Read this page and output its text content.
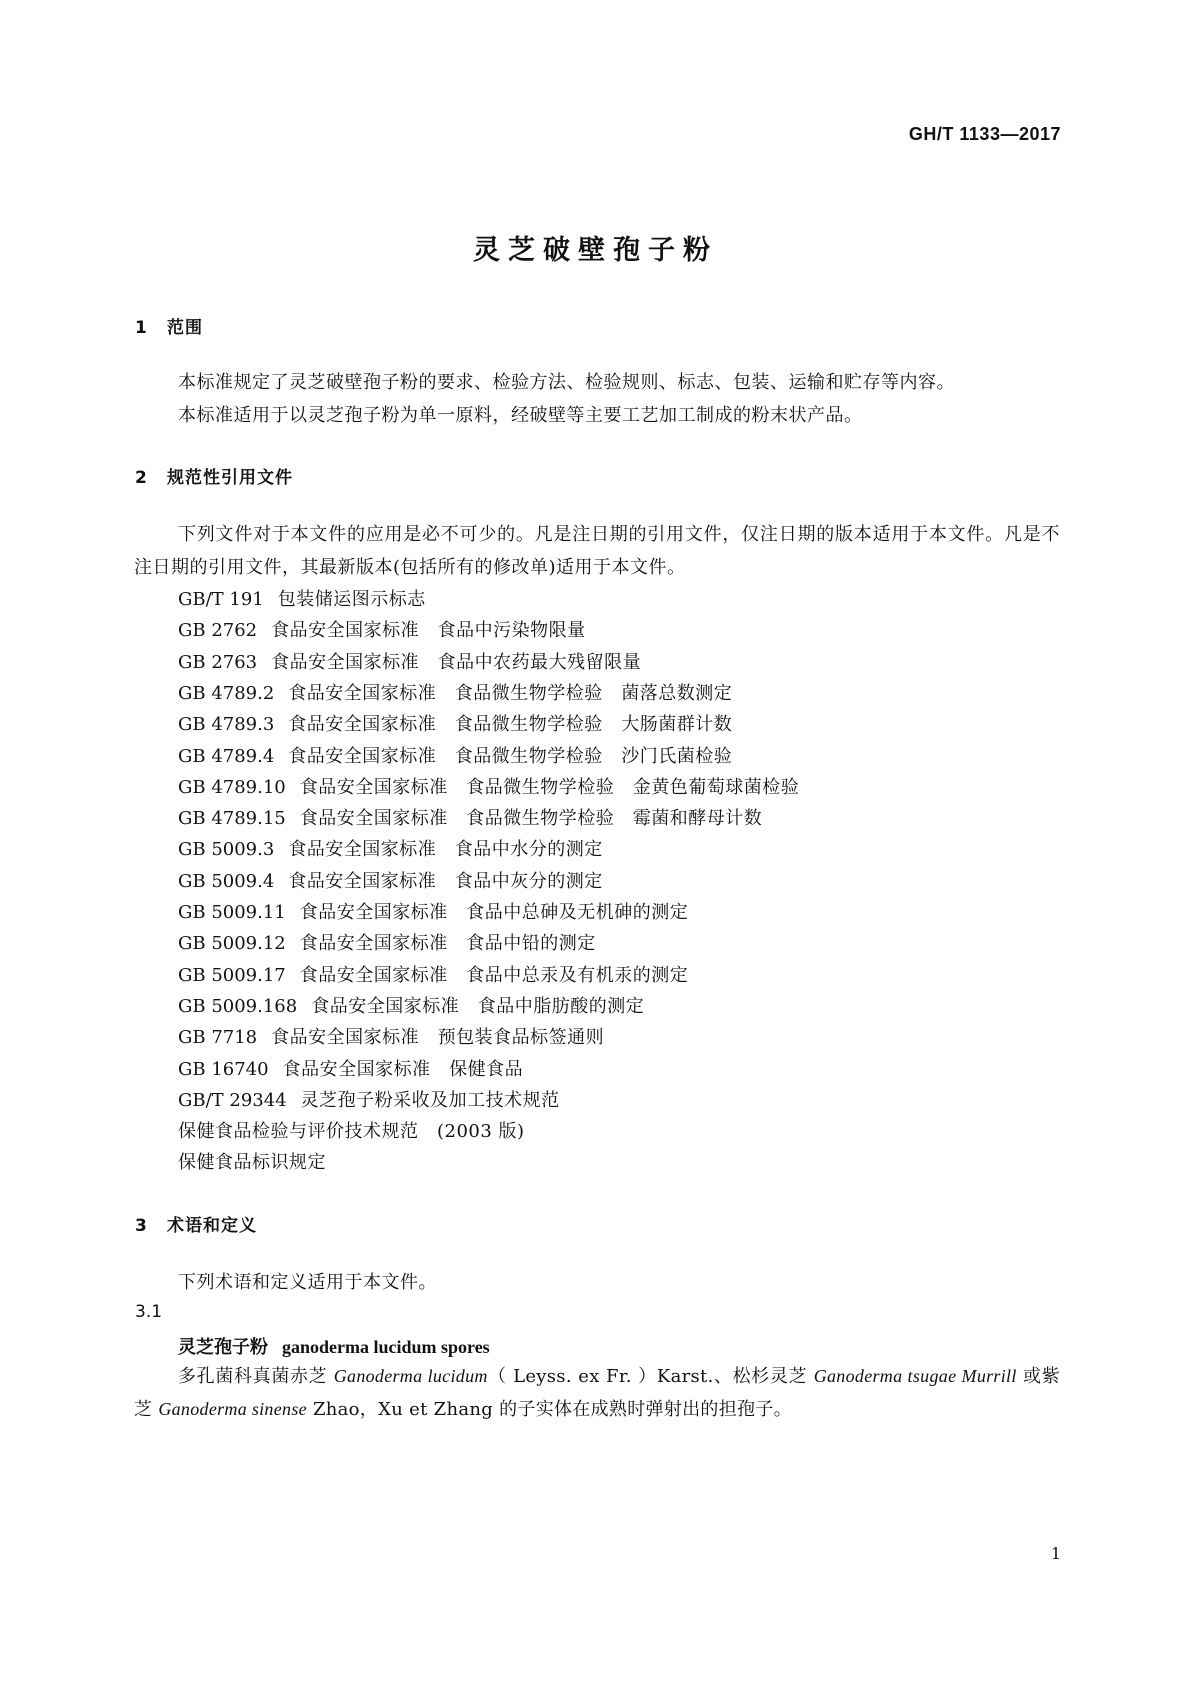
GH/T 1133—2017
灵芝破壁孢子粉
1 范围
本标准规定了灵芝破壁孢子粉的要求、检验方法、检验规则、标志、包装、运输和贮存等内容。
本标准适用于以灵芝孢子粉为单一原料，经破壁等主要工艺加工制成的粉末状产品。
2 规范性引用文件
下列文件对于本文件的应用是必不可少的。凡是注日期的引用文件，仅注日期的版本适用于本文件。凡是不注日期的引用文件，其最新版本(包括所有的修改单)适用于本文件。
GB/T 191 包装储运图示标志
GB 2762 食品安全国家标准　食品中污染物限量
GB 2763 食品安全国家标准　食品中农药最大残留限量
GB 4789.2 食品安全国家标准　食品微生物学检验　菌落总数测定
GB 4789.3 食品安全国家标准　食品微生物学检验　大肠菌群计数
GB 4789.4 食品安全国家标准　食品微生物学检验　沙门氏菌检验
GB 4789.10 食品安全国家标准　食品微生物学检验　金黄色葡萄球菌检验
GB 4789.15 食品安全国家标准　食品微生物学检验　霉菌和酵母计数
GB 5009.3 食品安全国家标准　食品中水分的测定
GB 5009.4 食品安全国家标准　食品中灰分的测定
GB 5009.11 食品安全国家标准　食品中总砷及无机砷的测定
GB 5009.12 食品安全国家标准　食品中铅的测定
GB 5009.17 食品安全国家标准　食品中总汞及有机汞的测定
GB 5009.168 食品安全国家标准　食品中脂肪酸的测定
GB 7718 食品安全国家标准　预包装食品标签通则
GB 16740 食品安全国家标准　保健食品
GB/T 29344 灵芝孢子粉采收及加工技术规范
保健食品检验与评价技术规范　(2003 版)
保健食品标识规定
3 术语和定义
下列术语和定义适用于本文件。
3.1
灵芝孢子粉 ganoderma lucidum spores
多孔菌科真菌赤芝 Ganoderma lucidum（ Leyss. ex Fr. ）Karst.、松杉灵芝 Ganoderma tsugae Murrill 或紫芝 Ganoderma sinense Zhao，Xu et Zhang 的子实体在成熟时弹射出的担孢子。
1
